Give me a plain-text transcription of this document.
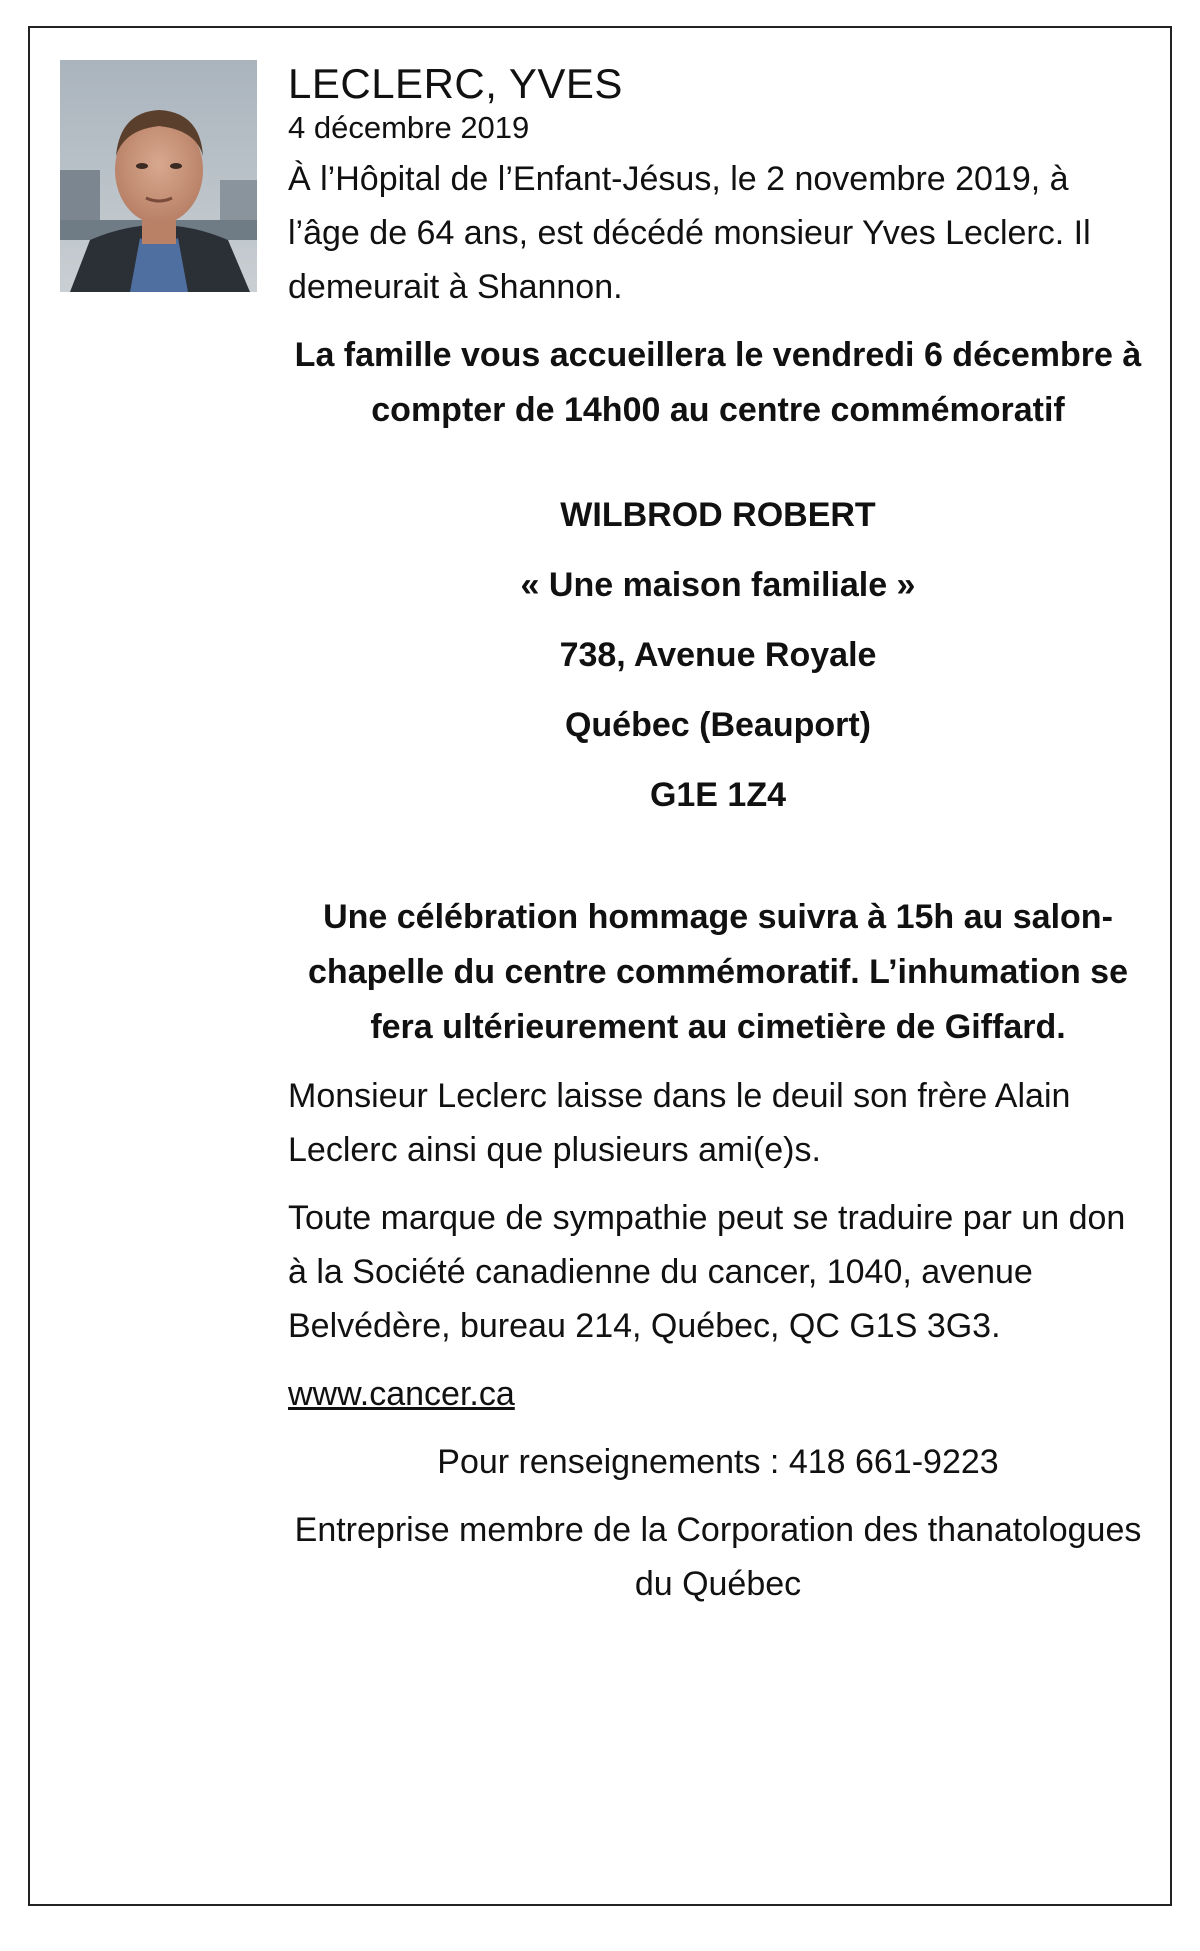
LECLERC, YVES
4 décembre 2019

À l’Hôpital de l’Enfant-Jésus, le 2 novembre 2019, à l’âge de 64 ans, est décédé monsieur Yves Leclerc. Il demeurait à Shannon.

La famille vous accueillera le vendredi 6 décembre à compter de 14h00 au centre commémoratif

WILBROD ROBERT

« Une maison familiale »

738, Avenue Royale

Québec (Beauport)

G1E 1Z4

Une célébration hommage suivra à 15h au salon-chapelle du centre commémoratif. L’inhumation se fera ultérieurement au cimetière de Giffard.

Monsieur Leclerc laisse dans le deuil son frère Alain Leclerc ainsi que plusieurs ami(e)s.

Toute marque de sympathie peut se traduire par un don à la Société canadienne du cancer, 1040, avenue Belvédère, bureau 214, Québec, QC G1S 3G3.

www.cancer.ca

Pour renseignements : 418 661-9223

Entreprise membre de la Corporation des thanatologues du Québec
